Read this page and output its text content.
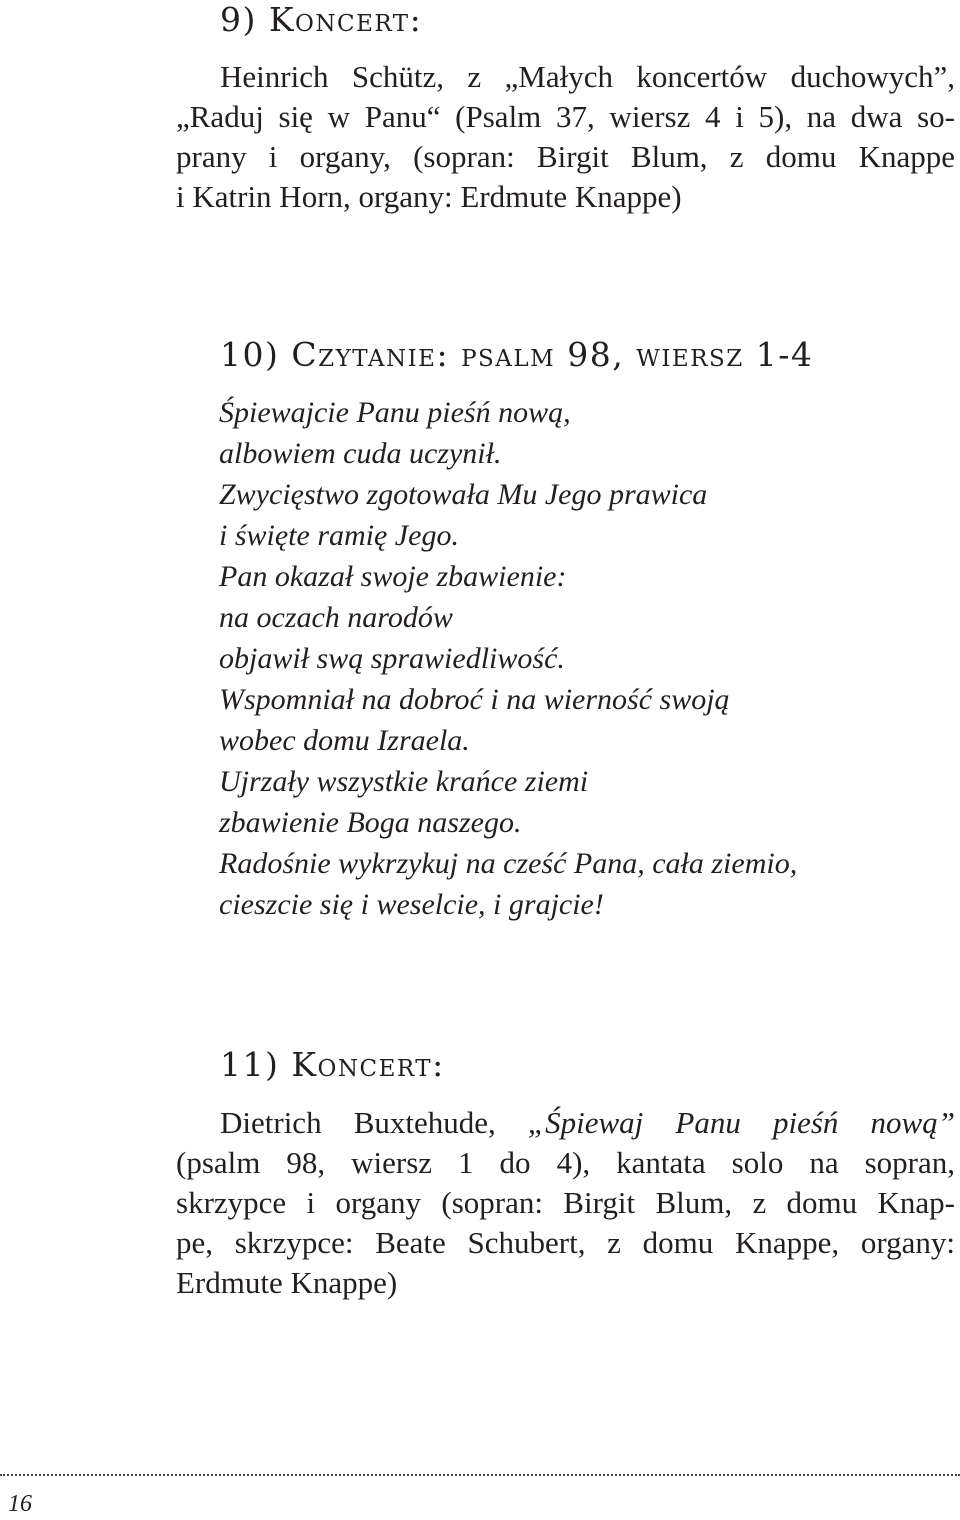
9) Koncert:
Heinrich Schütz, z „Małych koncertów duchowych”,
„Raduj się w Panu“ (Psalm 37, wiersz 4 i 5), na dwa so-
prany i organy, (sopran: Birgit Blum, z domu Knappe
i Katrin Horn, organy: Erdmute Knappe)
10) Czytanie: psalm 98, wiersz 1-4
Śpiewajcie Panu pieśń nową,
albowiem cuda uczynił.
Zwycięstwo zgotowała Mu Jego prawica
i święte ramię Jego.
Pan okazał swoje zbawienie:
na oczach narodów
objawił swą sprawiedliwość.
Wspomniał na dobroć i na wierność swoją
wobec domu Izraela.
Ujrzały wszystkie krańce ziemi
zbawienie Boga naszego.
Radośnie wykrzykuj na cześć Pana, cała ziemio,
cieszcie się i weselcie, i grajcie!
11) Koncert:
Dietrich Buxtehude, „Śpiewaj Panu pieśń nową”
(psalm 98, wiersz 1 do 4), kantata solo na sopran,
skrzypce i organy (sopran: Birgit Blum, z domu Knap-
pe, skrzypce: Beate Schubert, z domu Knappe, organy:
Erdmute Knappe)
16
